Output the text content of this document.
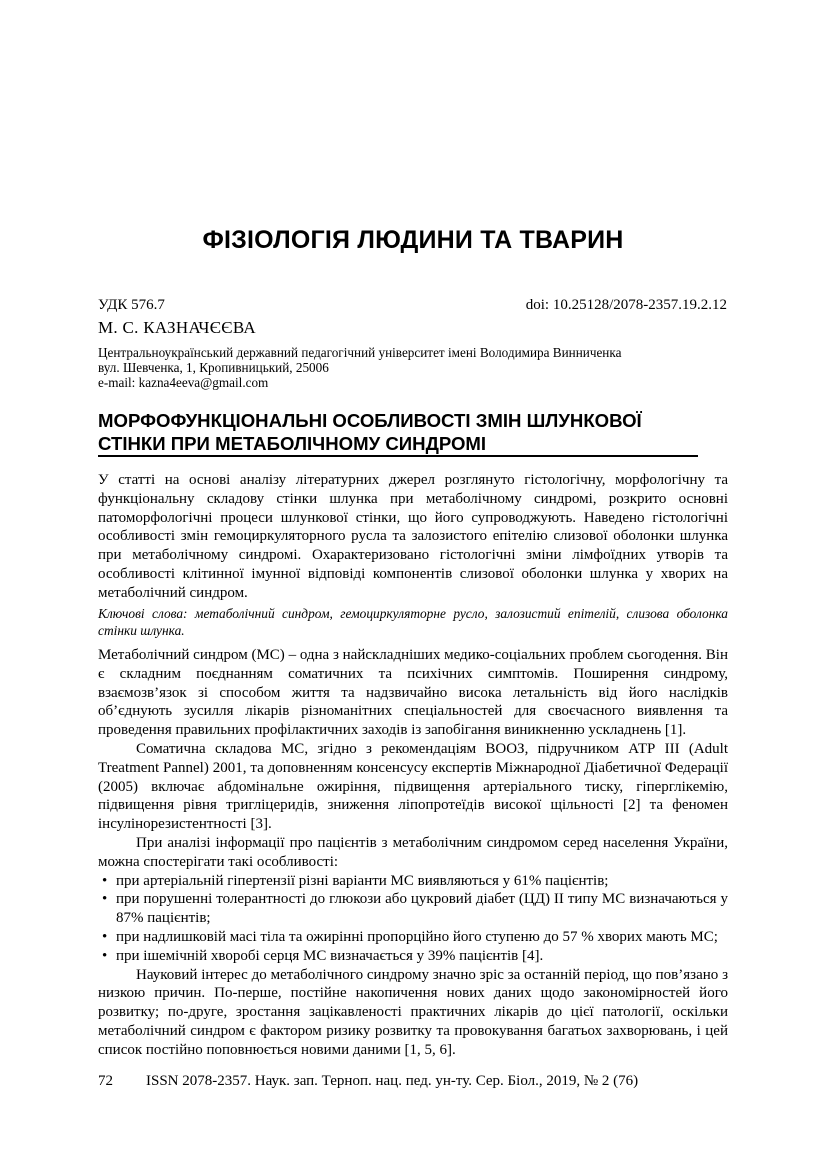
ФІЗІОЛОГІЯ ЛЮДИНИ ТА ТВАРИН
УДК 576.7	doi: 10.25128/2078-2357.19.2.12
М. С. КАЗНАЧЄЄВА
Центральноукраїнський державний педагогічний університет імені Володимира Винниченка
вул. Шевченка, 1, Кропивницький, 25006
e-mail: kazna4eeva@gmail.com
МОРФОФУНКЦІОНАЛЬНІ ОСОБЛИВОСТІ ЗМІН ШЛУНКОВОЇ
СТІНКИ ПРИ МЕТАБОЛІЧНОМУ СИНДРОМІ
У статті на основі аналізу літературних джерел розглянуто гістологічну, морфологічну та функціональну складову стінки шлунка при метаболічному синдромі, розкрито основні патоморфологічні процеси шлункової стінки, що його супроводжують. Наведено гістологічні особливості змін гемоциркуляторного русла та залозистого епітелію слизової оболонки шлунка при метаболічному синдромі. Охарактеризовано гістологічні зміни лімфоїдних утворів та особливості клітинної імунної відповіді компонентів слизової оболонки шлунка у хворих на метаболічний синдром.
Ключові слова: метаболічний синдром, гемоциркуляторне русло, залозистий епітелій, слизова оболонка стінки шлунка.

Метаболічний синдром (МС) – одна з найскладніших медико-соціальних проблем сьогодення. Він є складним поєднанням соматичних та психічних симптомів. Поширення синдрому, взаємозв’язок зі способом життя та надзвичайно висока летальність від його наслідків об’єднують зусилля лікарів різноманітних спеціальностей для своєчасного виявлення та проведення правильних профілактичних заходів із запобігання виникненню ускладнень [1].

Соматична складова МС, згідно з рекомендаціям ВООЗ, підручником АТР ІІІ (Adult Treatment Pannel) 2001, та доповненням консенсусу експертів Міжнародної Діабетичної Федерації (2005) включає абдомінальне ожиріння, підвищення артеріального тиску, гіперглікемію, підвищення рівня тригліцеридів, зниження ліпопротеїдів високої щільності [2] та феномен інсулінорезистентності [3].

При аналізі інформації про пацієнтів з метаболічним синдромом серед населення України, можна спостерігати такі особливості:

• при артеріальній гіпертензії різні варіанти МС виявляються у 61% пацієнтів;
• при порушенні толерантності до глюкози або цукровий діабет (ЦД) ІІ типу МС визначаються у 87% пацієнтів;
• при надлишковій масі тіла та ожирінні пропорційно його ступеню до 57 % хворих мають МС;
• при ішемічній хворобі серця МС визначається у 39% пацієнтів [4].

Науковий інтерес до метаболічного синдрому значно зріс за останній період, що пов’язано з низкою причин. По-перше, постійне накопичення нових даних щодо закономірностей його розвитку; по-друге, зростання зацікавленості практичних лікарів до цієї патології, оскільки метаболічний синдром є фактором ризику розвитку та провокування багатьох захворювань, і цей список постійно поповнюється новими даними [1, 5, 6].

72 ISSN 2078-2357. Наук. зап. Терноп. нац. пед. ун-ту. Сер. Біол., 2019, № 2 (76)
